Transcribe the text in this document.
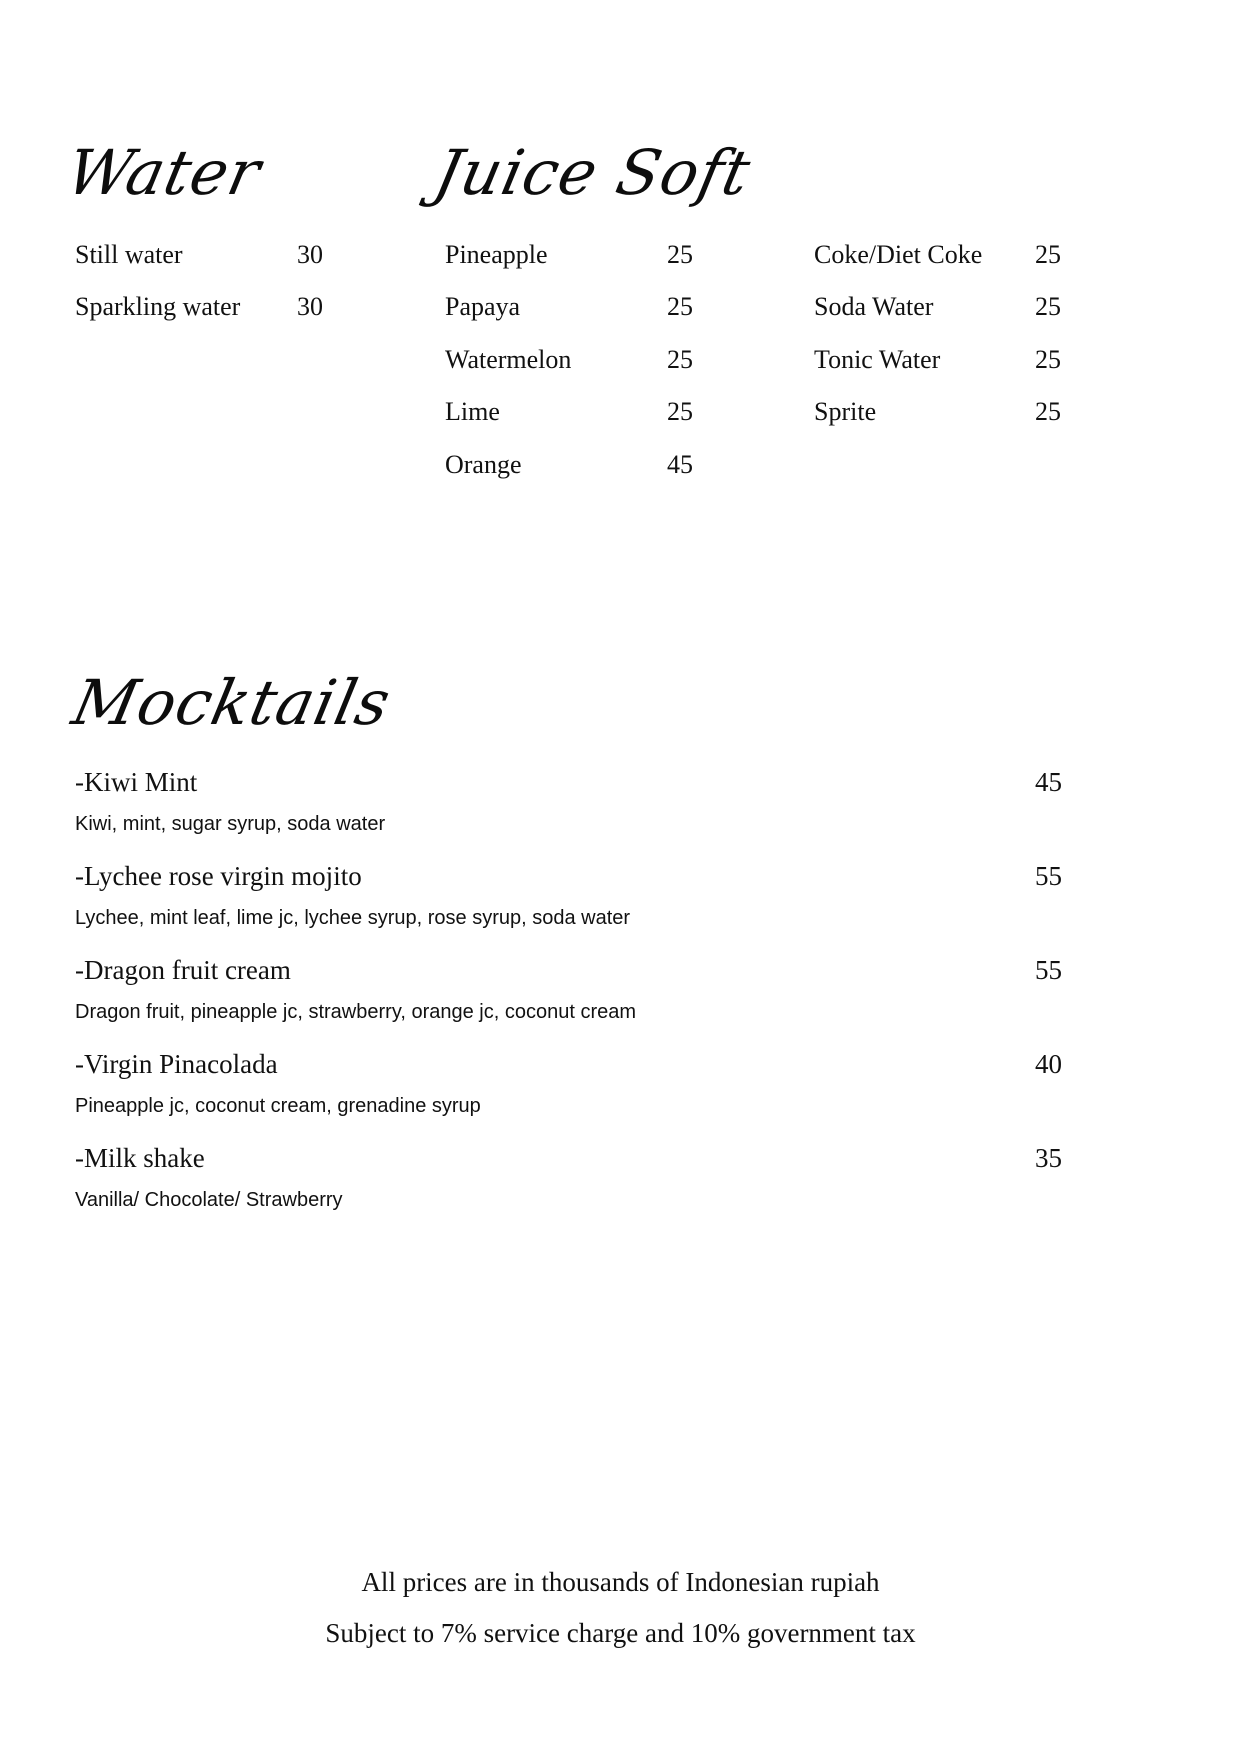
Water
Still water	30
Sparkling water 30
Juice Soft
Pineapple	25
Papaya	25
Watermelon	25
Lime	25
Orange	45
Coke/Diet Coke 25
Soda Water	25
Tonic Water	25
Sprite	25
Mocktails
-Kiwi Mint	45
Kiwi, mint, sugar syrup, soda water
-Lychee rose virgin mojito	55
Lychee, mint leaf, lime jc, lychee syrup, rose syrup, soda water
-Dragon fruit cream	55
Dragon fruit, pineapple jc, strawberry, orange jc, coconut cream
-Virgin Pinacolada	40
Pineapple jc, coconut cream, grenadine syrup
-Milk shake	35
Vanilla/ Chocolate/ Strawberry
All prices are in thousands of Indonesian rupiah
Subject to 7% service charge and 10% government tax
